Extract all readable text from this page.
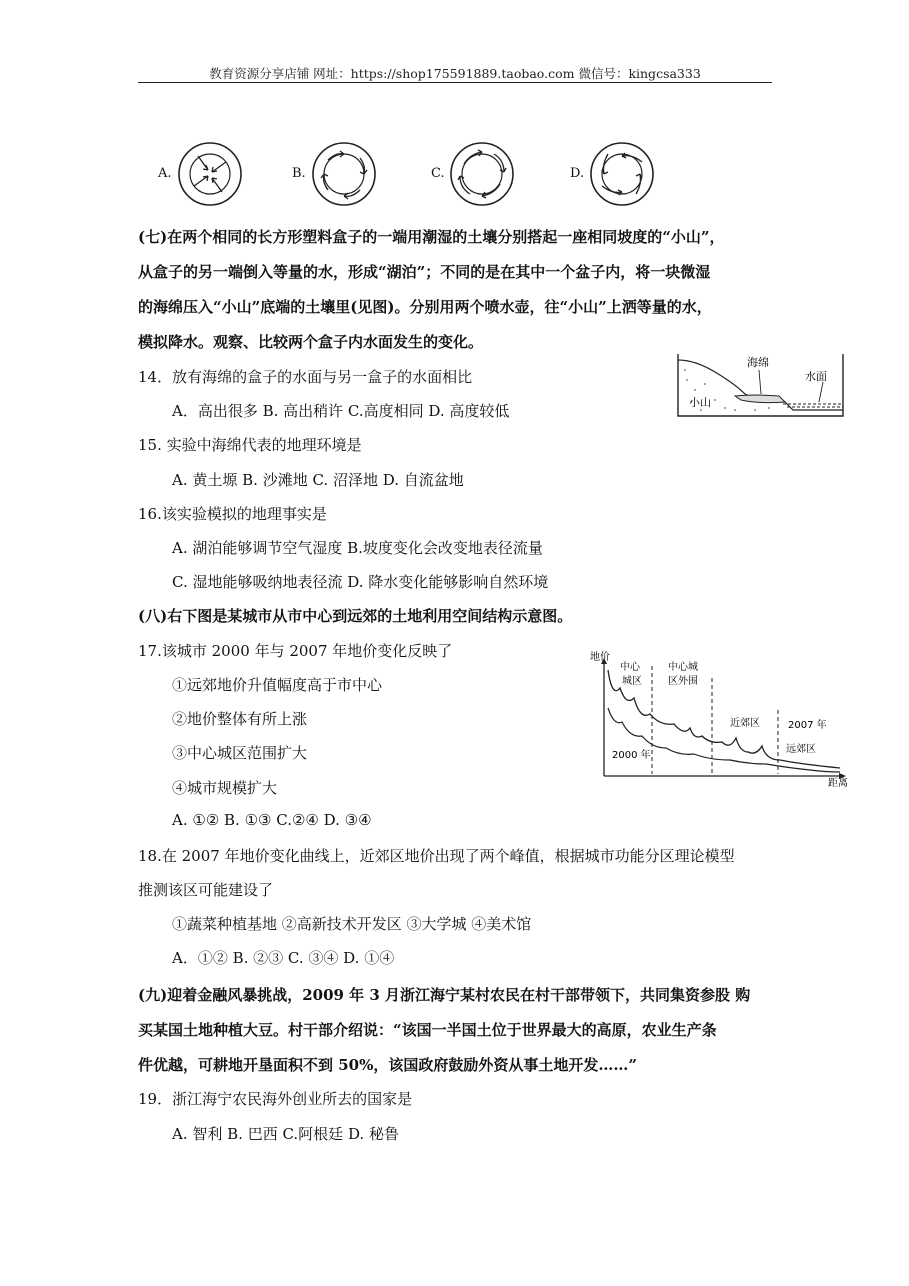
教育资源分享店铺 网址：https://shop175591889.taobao.com 微信号：kingcsa333
A.	B.	C.	D.
(七)在两个相同的长方形塑料盒子的一端用潮湿的土壤分别搭起一座相同坡度的“小山”，
从盒子的另一端倒入等量的水，形成“湖泊”；不同的是在其中一个盆子内，将一块微湿
的海绵压入“小山”底端的土壤里(见图)。分别用两个喷水壶，往“小山”上洒等量的水，
模拟降水。观察、比较两个盒子内水面发生的变化。
海绵
水面
小山
14．放有海绵的盒子的水面与另一盒子的水面相比
A．高出很多 B. 高出稍许 C.高度相同 D. 高度较低
15. 实验中海绵代表的地理环境是
A. 黄土塬 B. 沙滩地 C. 沼泽地 D. 自流盆地
16.该实验模拟的地理事实是
A. 湖泊能够调节空气湿度 B.坡度变化会改变地表径流量
C. 湿地能够吸纳地表径流 D. 降水变化能够影响自然环境
(八)右下图是某城市从市中心到远郊的土地利用空间结构示意图。
17.该城市 2000 年与 2007 年地价变化反映了
①远郊地价升值幅度高于市中心
②地价整体有所上涨
③中心城区范围扩大
④城市规模扩大
A. ①② B. ①③ C.②④ D. ③④
地价
距离
中心
城区
中心城
区外围
近郊区	2007 年
远郊区
2000 年
18.在 2007 年地价变化曲线上，近郊区地价出现了两个峰值，根据城市功能分区理论模型
推测该区可能建设了
①蔬菜种植基地 ②高新技术开发区 ③大学城 ④美术馆
A．①② B. ②③ C. ③④ D. ①④
(九)迎着金融风暴挑战，2009 年 3 月浙江海宁某村农民在村干部带领下，共同集资参股 购
买某国土地种植大豆。村干部介绍说：“该国一半国土位于世界最大的高原，农业生产条
件优越，可耕地开垦面积不到 50%，该国政府鼓励外资从事土地开发……”
19．浙江海宁农民海外创业所去的国家是
A. 智利 B. 巴西 C.阿根廷 D. 秘鲁
